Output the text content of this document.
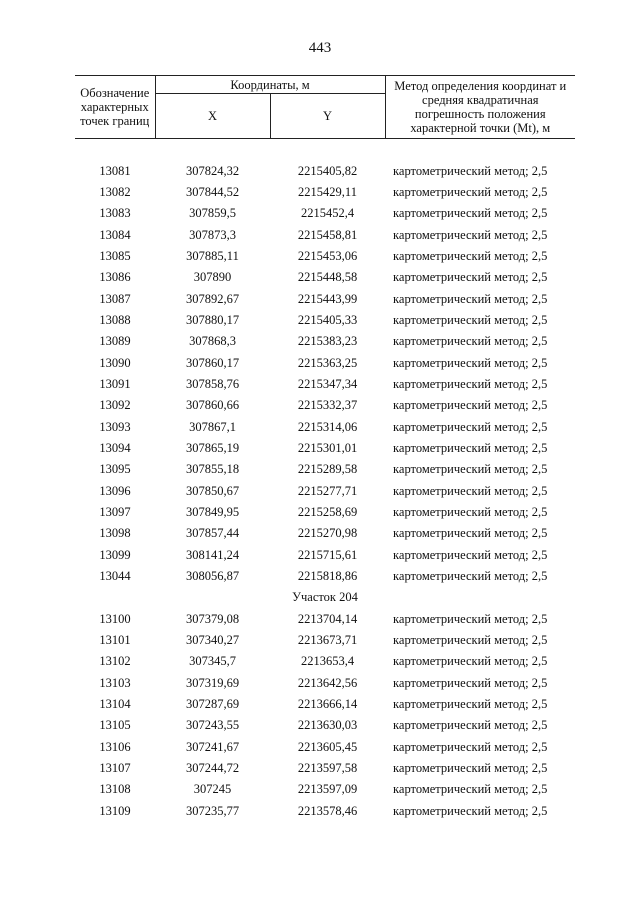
443
Обозначение характерных точек границ	Координаты, м		Метод определения координат и средняя квадратичная погрешность положения характерной точки (Mt), м
	X	Y	

13081	307824,32	2215405,82	картометрический метод; 2,5
13082	307844,52	2215429,11	картометрический метод; 2,5
13083	307859,5	2215452,4	картометрический метод; 2,5
13084	307873,3	2215458,81	картометрический метод; 2,5
13085	307885,11	2215453,06	картометрический метод; 2,5
13086	307890	2215448,58	картометрический метод; 2,5
13087	307892,67	2215443,99	картометрический метод; 2,5
13088	307880,17	2215405,33	картометрический метод; 2,5
13089	307868,3	2215383,23	картометрический метод; 2,5
13090	307860,17	2215363,25	картометрический метод; 2,5
13091	307858,76	2215347,34	картометрический метод; 2,5
13092	307860,66	2215332,37	картометрический метод; 2,5
13093	307867,1	2215314,06	картометрический метод; 2,5
13094	307865,19	2215301,01	картометрический метод; 2,5
13095	307855,18	2215289,58	картометрический метод; 2,5
13096	307850,67	2215277,71	картометрический метод; 2,5
13097	307849,95	2215258,69	картометрический метод; 2,5
13098	307857,44	2215270,98	картометрический метод; 2,5
13099	308141,24	2215715,61	картометрический метод; 2,5
13044	308056,87	2215818,86	картометрический метод; 2,5
Участок 204			
13100	307379,08	2213704,14	картометрический метод; 2,5
13101	307340,27	2213673,71	картометрический метод; 2,5
13102	307345,7	2213653,4	картометрический метод; 2,5
13103	307319,69	2213642,56	картометрический метод; 2,5
13104	307287,69	2213666,14	картометрический метод; 2,5
13105	307243,55	2213630,03	картометрический метод; 2,5
13106	307241,67	2213605,45	картометрический метод; 2,5
13107	307244,72	2213597,58	картометрический метод; 2,5
13108	307245	2213597,09	картометрический метод; 2,5
13109	307235,77	2213578,46	картометрический метод; 2,5
